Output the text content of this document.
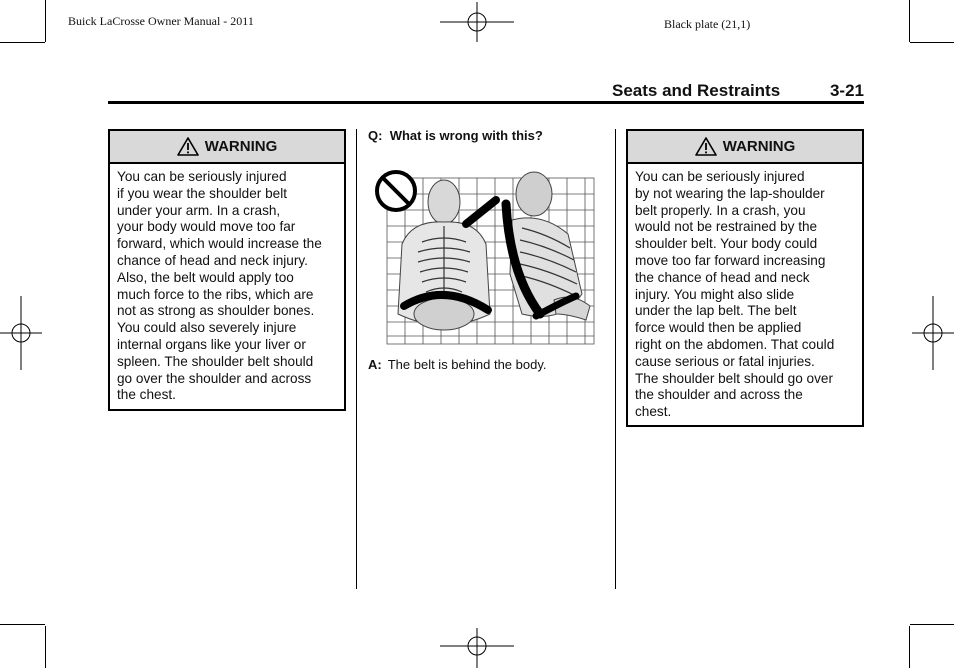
Buick LaCrosse Owner Manual - 2011	Black plate (21,1)
Seats and Restraints	3-21
WARNING
You can be seriously injured
if you wear the shoulder belt
under your arm. In a crash,
your body would move too far
forward, which would increase the
chance of head and neck injury.
Also, the belt would apply too
much force to the ribs, which are
not as strong as shoulder bones.
You could also severely injure
internal organs like your liver or
spleen. The shoulder belt should
go over the shoulder and across
the chest.
Q: What is wrong with this?
A: The belt is behind the body.
WARNING
You can be seriously injured
by not wearing the lap-shoulder
belt properly. In a crash, you
would not be restrained by the
shoulder belt. Your body could
move too far forward increasing
the chance of head and neck
injury. You might also slide
under the lap belt. The belt
force would then be applied
right on the abdomen. That could
cause serious or fatal injuries.
The shoulder belt should go over
the shoulder and across the
chest.
